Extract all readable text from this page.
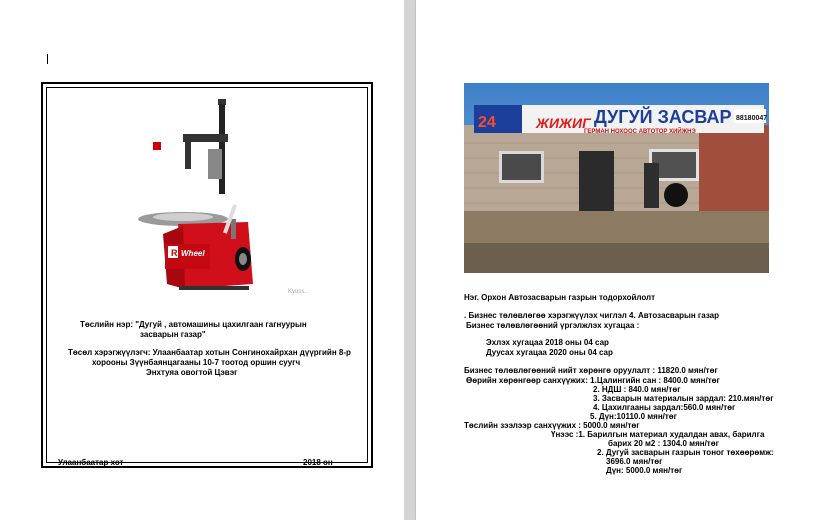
R Wheel
Kyuss...
Төслийн нэр: "Дугуй , автомашины цахилгаан гагнуурын
засварын газар"
Төсөл хэрэгжүүлэгч: Улаанбаатар хотын Сонгинохайрхан дүүргийн 8-р
хорооны Зүүнбаянцагааны 10-7 тоотод оршин суугч
Энхтуяа овогтой Цэвэг
Улаанбаатар хот	2018 он
24	ЖИЖИГ ДУГУЙ ЗАСВАР
ГЕРМАН НОХООС АВТОТОР ХИЙЖНЭ
88180047
Нэг. Орхон Автозасварын газрын тодорхойлолт
. Бизнес төлөвлөгөө хэрэгжүүлэх чиглэл 4. Автозасварын газар
Бизнес төлөвлөгөөний үргэлжлэх хугацаа :
Эхлэх хугацаа 2018 оны 04 сар
Дуусах хугацаа 2020 оны 04 сар
Бизнес төлөвлөгөөний нийт хөрөнгө оруулалт : 11820.0 мян/төг
Өөрийн хөрөнгөөр санхүүжих: 1.Цалингийн сан : 8400.0 мян/төг
2. НДШ : 840.0 мян/төг
3. Засварын материалын зардал: 210.мян/төг
4. Цахилгааны зардал:560.0 мян/төг
5. Дүн:10110.0 мян/төг
Төслийн зээлээр санхүүжих : 5000.0 мян/төг
Үнээс :1. Барилгын материал худалдан авах, барилга
барих 20 м2 : 1304.0 мян/төг
2. Дугуй засварын газрын тоног төхөөрөмж:
3696.0 мян/төг
Дүн: 5000.0 мян/төг
